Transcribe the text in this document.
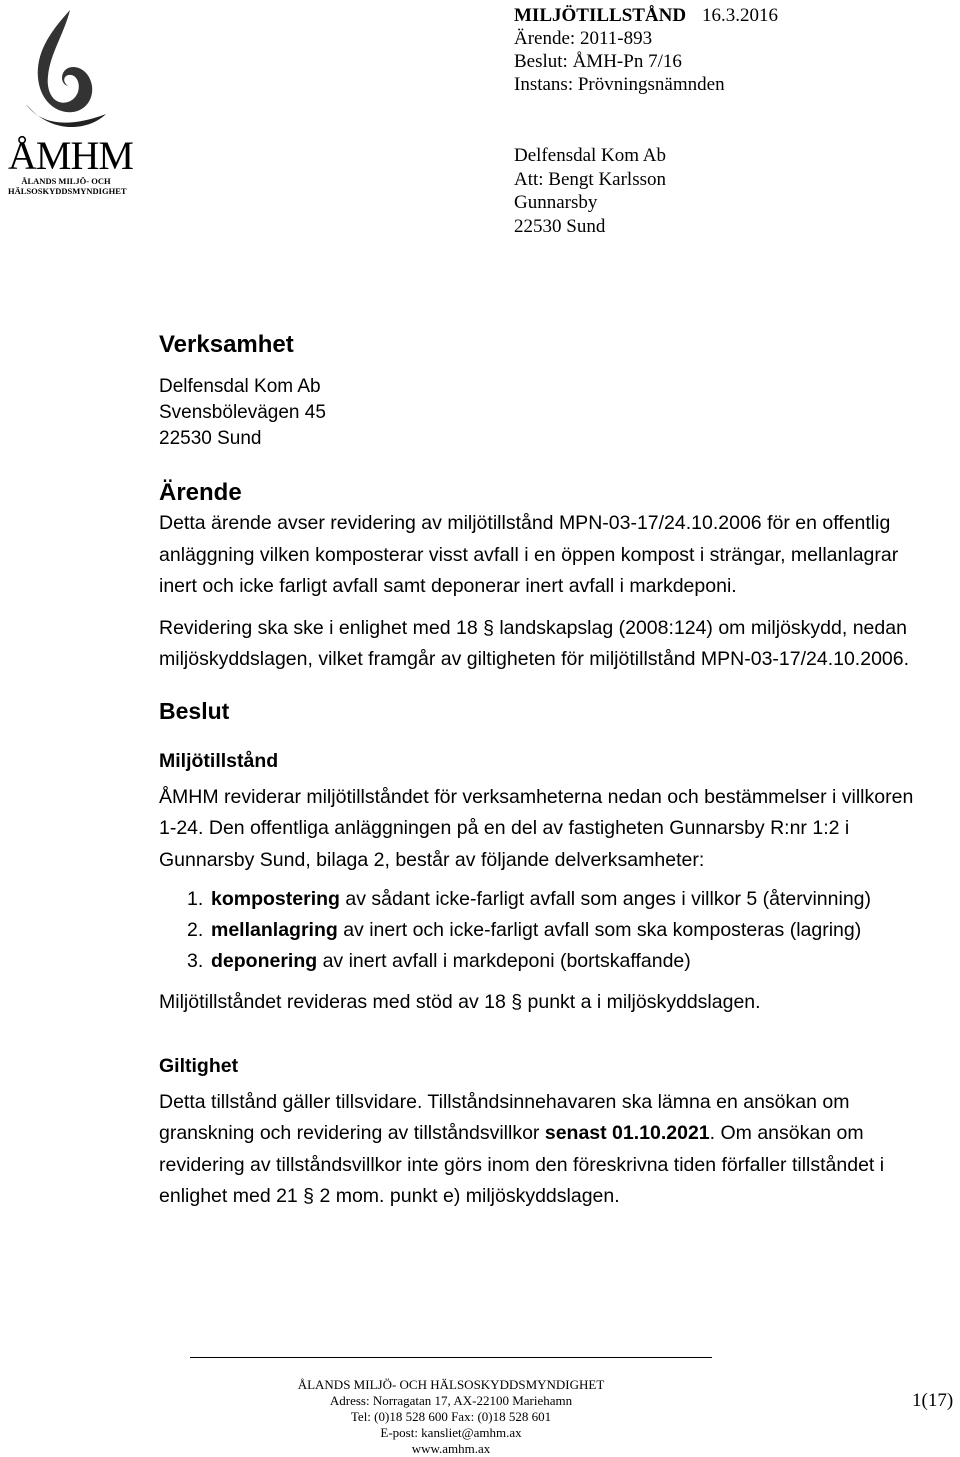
ÅMHM
ÅLANDS MILJÖ- OCH
HÄLSOSKYDDSMYNDIGHET
MILJÖTILLSTÅND 16.3.2016
Ärende: 2011-893
Beslut: ÅMH-Pn 7/16
Instans: Prövningsnämnden
Delfensdal Kom Ab
Att: Bengt Karlsson
Gunnarsby
22530 Sund
Verksamhet
Delfensdal Kom Ab
Svensbölevägen 45
22530 Sund
Ärende

Detta ärende avser revidering av miljötillstånd MPN-03-17/24.10.2006 för en offentlig anläggning vilken komposterar visst avfall i en öppen kompost i strängar, mellanlagrar inert och icke farligt avfall samt deponerar inert avfall i markdeponi.

Revidering ska ske i enlighet med 18 § landskapslag (2008:124) om miljöskydd, nedan miljöskyddslagen, vilket framgår av giltigheten för miljötillstånd MPN-03-17/24.10.2006.

Beslut
Miljötillstånd

ÅMHM reviderar miljötillståndet för verksamheterna nedan och bestämmelser i villkoren 1-24. Den offentliga anläggningen på en del av fastigheten Gunnarsby R:nr 1:2 i Gunnarsby Sund, bilaga 2, består av följande delverksamheter:

1. kompostering av sådant icke-farligt avfall som anges i villkor 5 (återvinning)
2. mellanlagring av inert och icke-farligt avfall som ska komposteras (lagring)
3. deponering av inert avfall i markdeponi (bortskaffande)

Miljötillståndet revideras med stöd av 18 § punkt a i miljöskyddslagen.

Giltighet

Detta tillstånd gäller tillsvidare. Tillståndsinnehavaren ska lämna en ansökan om granskning och revidering av tillståndsvillkor senast 01.10.2021. Om ansökan om revidering av tillståndsvillkor inte görs inom den föreskrivna tiden förfaller tillståndet i enlighet med 21 § 2 mom. punkt e) miljöskyddslagen.

ÅLANDS MILJÖ- OCH HÄLSOSKYDDSMYNDIGHET
Adress: Norragatan 17, AX-22100 Mariehamn
Tel: (0)18 528 600 Fax: (0)18 528 601
E-post: kansliet@amhm.ax
www.amhm.ax
1(17)
